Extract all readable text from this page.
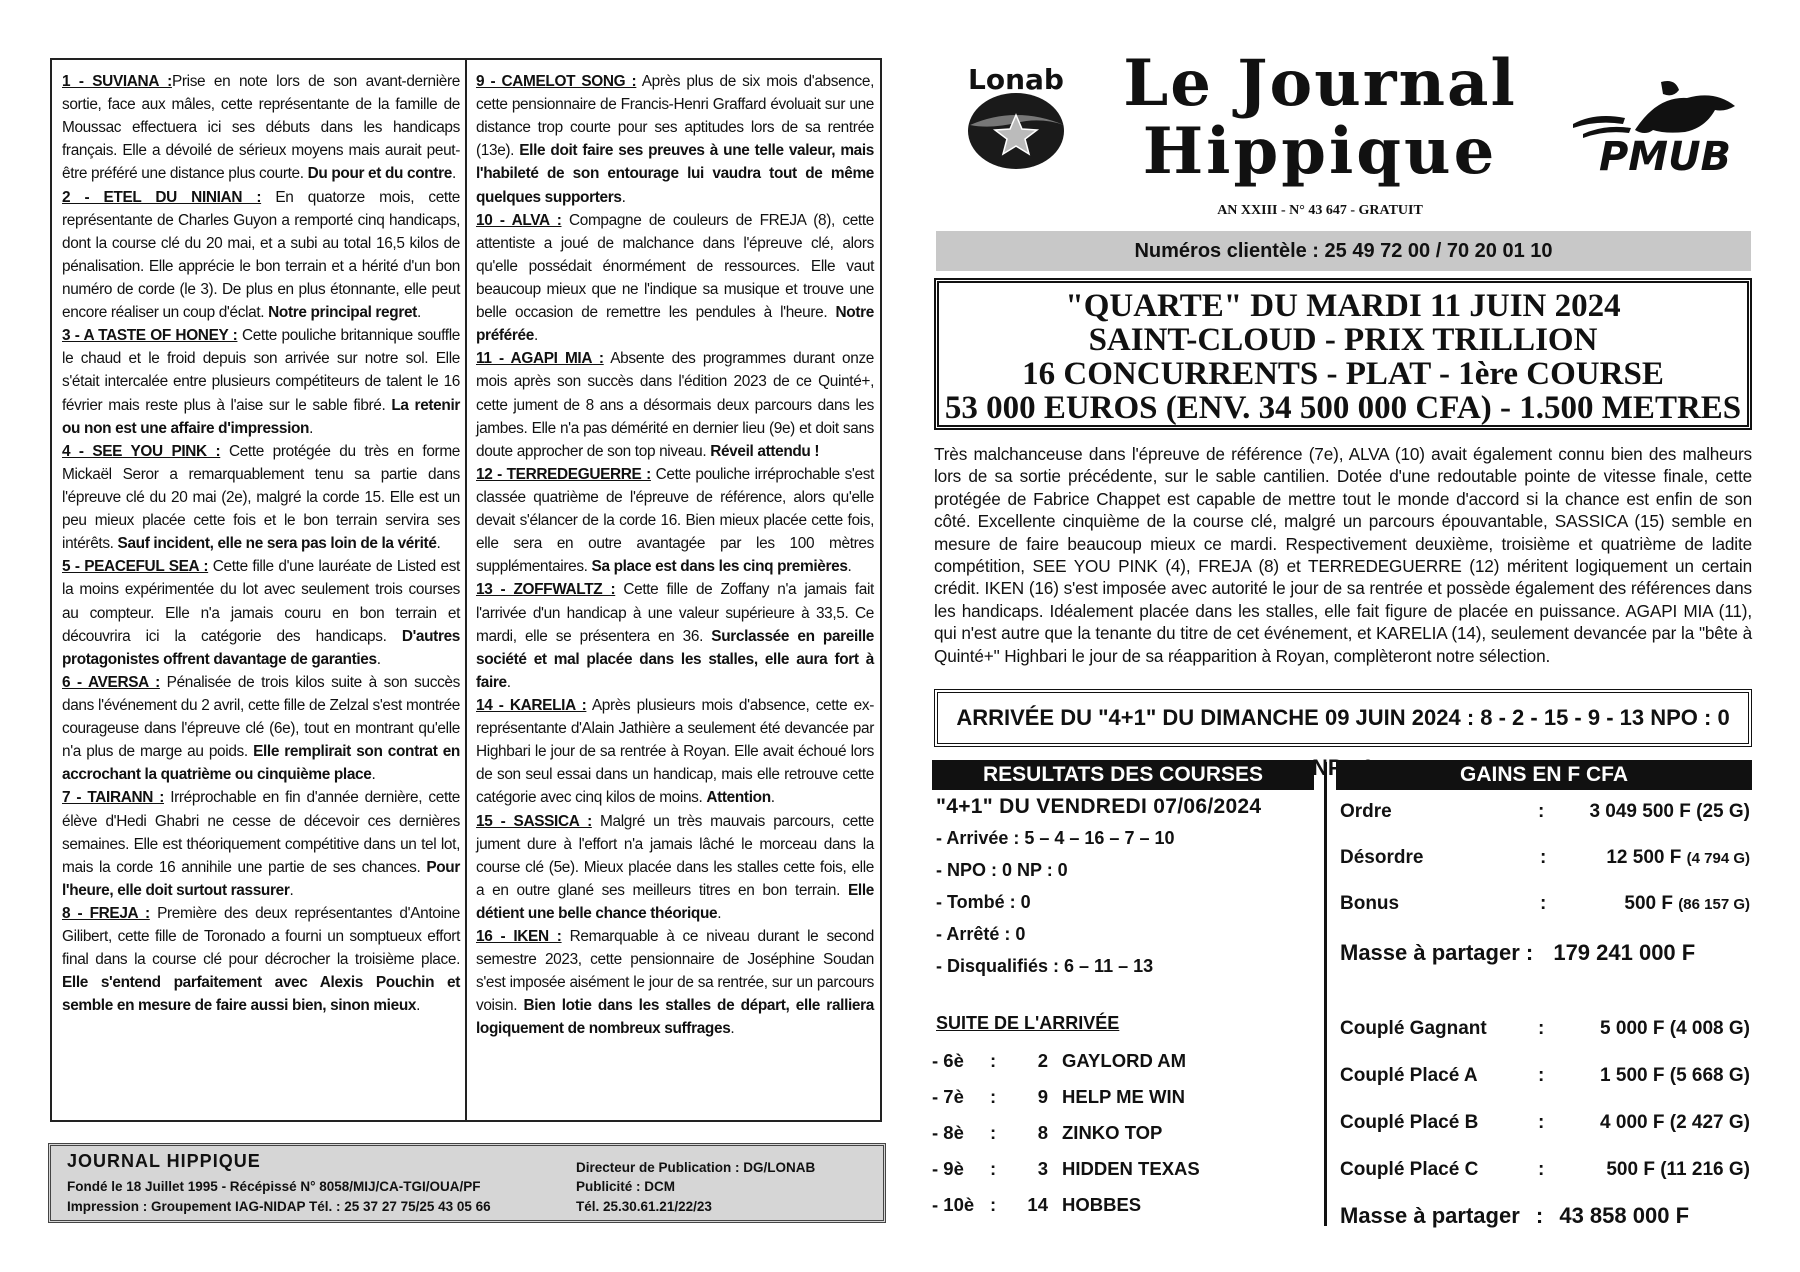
1 - SUVIANA :Prise en note lors de son avant-dernière sortie, face aux mâles, cette représentante de la famille de Moussac effectuera ici ses débuts dans les handicaps français. Elle a dévoilé de sérieux moyens mais aurait peut-être préféré une distance plus courte. Du pour et du contre.
2 - ETEL DU NINIAN : En quatorze mois, cette représentante de Charles Guyon a remporté cinq handicaps, dont la course clé du 20 mai, et a subi au total 16,5 kilos de pénalisation. Elle apprécie le bon terrain et a hérité d'un bon numéro de corde (le 3). De plus en plus étonnante, elle peut encore réaliser un coup d'éclat. Notre principal regret.
3 - A TASTE OF HONEY : Cette pouliche britannique souffle le chaud et le froid depuis son arrivée sur notre sol. Elle s'était intercalée entre plusieurs compétiteurs de talent le 16 février mais reste plus à l'aise sur le sable fibré. La retenir ou non est une affaire d'impression.
4 - SEE YOU PINK : Cette protégée du très en forme Mickaël Seror a remarquablement tenu sa partie dans l'épreuve clé du 20 mai (2e), malgré la corde 15. Elle est un peu mieux placée cette fois et le bon terrain servira ses intérêts. Sauf incident, elle ne sera pas loin de la vérité.
5 - PEACEFUL SEA : Cette fille d'une lauréate de Listed est la moins expérimentée du lot avec seulement trois courses au compteur. Elle n'a jamais couru en bon terrain et découvrira ici la catégorie des handicaps. D'autres protagonistes offrent davantage de garanties.
6 - AVERSA : Pénalisée de trois kilos suite à son succès dans l'événement du 2 avril, cette fille de Zelzal s'est montrée courageuse dans l'épreuve clé (6e), tout en montrant qu'elle n'a plus de marge au poids. Elle remplirait son contrat en accrochant la quatrième ou cinquième place.
7 - TAIRANN : Irréprochable en fin d'année dernière, cette élève d'Hedi Ghabri ne cesse de décevoir ces dernières semaines. Elle est théoriquement compétitive dans un tel lot, mais la corde 16 annihile une partie de ses chances. Pour l'heure, elle doit surtout rassurer.
8 - FREJA : Première des deux représentantes d'Antoine Gilibert, cette fille de Toronado a fourni un somptueux effort final dans la course clé pour décrocher la troisième place. Elle s'entend parfaitement avec Alexis Pouchin et semble en mesure de faire aussi bien, sinon mieux.
9 - CAMELOT SONG : Après plus de six mois d'absence, cette pensionnaire de Francis-Henri Graffard évoluait sur une distance trop courte pour ses aptitudes lors de sa rentrée (13e). Elle doit faire ses preuves à une telle valeur, mais l'habileté de son entourage lui vaudra tout de même quelques supporters.
10 - ALVA : Compagne de couleurs de FREJA (8), cette attentiste a joué de malchance dans l'épreuve clé, alors qu'elle possédait énormément de ressources. Elle vaut beaucoup mieux que ne l'indique sa musique et trouve une belle occasion de remettre les pendules à l'heure. Notre préférée.
11 - AGAPI MIA : Absente des programmes durant onze mois après son succès dans l'édition 2023 de ce Quinté+, cette jument de 8 ans a désormais deux parcours dans les jambes. Elle n'a pas démérité en dernier lieu (9e) et doit sans doute approcher de son top niveau. Réveil attendu !
12 - TERREDEGUERRE : Cette pouliche irréprochable s'est classée quatrième de l'épreuve de référence, alors qu'elle devait s'élancer de la corde 16. Bien mieux placée cette fois, elle sera en outre avantagée par les 100 mètres supplémentaires. Sa place est dans les cinq premières.
13 - ZOFFWALTZ : Cette fille de Zoffany n'a jamais fait l'arrivée d'un handicap à une valeur supérieure à 33,5. Ce mardi, elle se présentera en 36. Surclassée en pareille société et mal placée dans les stalles, elle aura fort à faire.
14 - KARELIA : Après plusieurs mois d'absence, cette ex-représentante d'Alain Jathière a seulement été devancée par Highbari le jour de sa rentrée à Royan. Elle avait échoué lors de son seul essai dans un handicap, mais elle retrouve cette catégorie avec cinq kilos de moins. Attention.
15 - SASSICA : Malgré un très mauvais parcours, cette jument dure à l'effort n'a jamais lâché le morceau dans la course clé (5e). Mieux placée dans les stalles cette fois, elle a en outre glané ses meilleurs titres en bon terrain. Elle détient une belle chance théorique.
16 - IKEN : Remarquable à ce niveau durant le second semestre 2023, cette pensionnaire de Joséphine Soudan s'est imposée aisément le jour de sa rentrée, sur un parcours voisin. Bien lotie dans les stalles de départ, elle ralliera logiquement de nombreux suffrages.
JOURNAL HIPPIQUE
Fondé le 18 Juillet 1995 - Récépissé N° 8058/MIJ/CA-TGI/OUA/PF
Impression : Groupement IAG-NIDAP Tél. : 25 37 27 75/25 43 05 66
Directeur de Publication : DG/LONAB
Publicité : DCM
Tél. 25.30.61.21/22/23
Lonab Le Journal
Hippique
AN XXIII - N° 43 647 - GRATUIT
PMUB
Numéros clientèle : 25 49 72 00 / 70 20 01 10
"QUARTE" DU MARDI 11 JUIN 2024
SAINT-CLOUD - PRIX TRILLION
16 CONCURRENTS - PLAT - 1ère COURSE
53 000 EUROS (ENV. 34 500 000 CFA) - 1.500 METRES
Très malchanceuse dans l'épreuve de référence (7e), ALVA (10) avait également connu bien des malheurs lors de sa sortie précédente, sur le sable cantilien. Dotée d'une redoutable pointe de vitesse finale, cette protégée de Fabrice Chappet est capable de mettre tout le monde d'accord si la chance est enfin de son côté. Excellente cinquième de la course clé, malgré un parcours épouvantable, SASSICA (15) semble en mesure de faire beaucoup mieux ce mardi. Respectivement deuxième, troisième et quatrième de ladite compétition, SEE YOU PINK (4), FREJA (8) et TERREDEGUERRE (12) méritent logiquement un certain crédit. IKEN (16) s'est imposée avec autorité le jour de sa rentrée et possède également des références dans les handicaps. Idéalement placée dans les stalles, elle fait figure de placée en puissance. AGAPI MIA (11), qui n'est autre que la tenante du titre de cet événement, et KARELIA (14), seulement devancée par la "bête à Quinté+" Highbari le jour de sa réapparition à Royan, complèteront notre sélection.
ARRIVÉE DU "4+1" DU DIMANCHE 09 JUIN 2024 : 8 - 2 - 15 - 9 - 13 NPO : 0 NP
RESULTATS DES COURSES	GAINS EN F CFA
"4+1" DU VENDREDI 07/06/2024
- Arrivée : 5 – 4 – 16 – 7 – 10
- NPO : 0 NP : 0
- Tombé : 0
- Arrêté : 0
- Disqualifiés : 6 – 11 – 13
SUITE DE L'ARRIVÉE
- 6è :	2 GAYLORD AM
- 7è :	9 HELP ME WIN
- 8è :	8 ZINKO TOP
- 9è :	3 HIDDEN TEXAS
- 10è :	14 HOBBES
Ordre	: 3 049 500 F (25 G)
Désordre	:	12 500 F (4 794 G)
Bonus	:	500 F (86 157 G)
Masse à partager : 179 241 000 F
Couplé Gagnant	:	5 000 F (4 008 G)
Couplé Placé A	:	1 500 F (5 668 G)
Couplé Placé B	:	4 000 F (2 427 G)
Couplé Placé C	:	500 F (11 216 G)
Masse à partager : 43 858 000 F
